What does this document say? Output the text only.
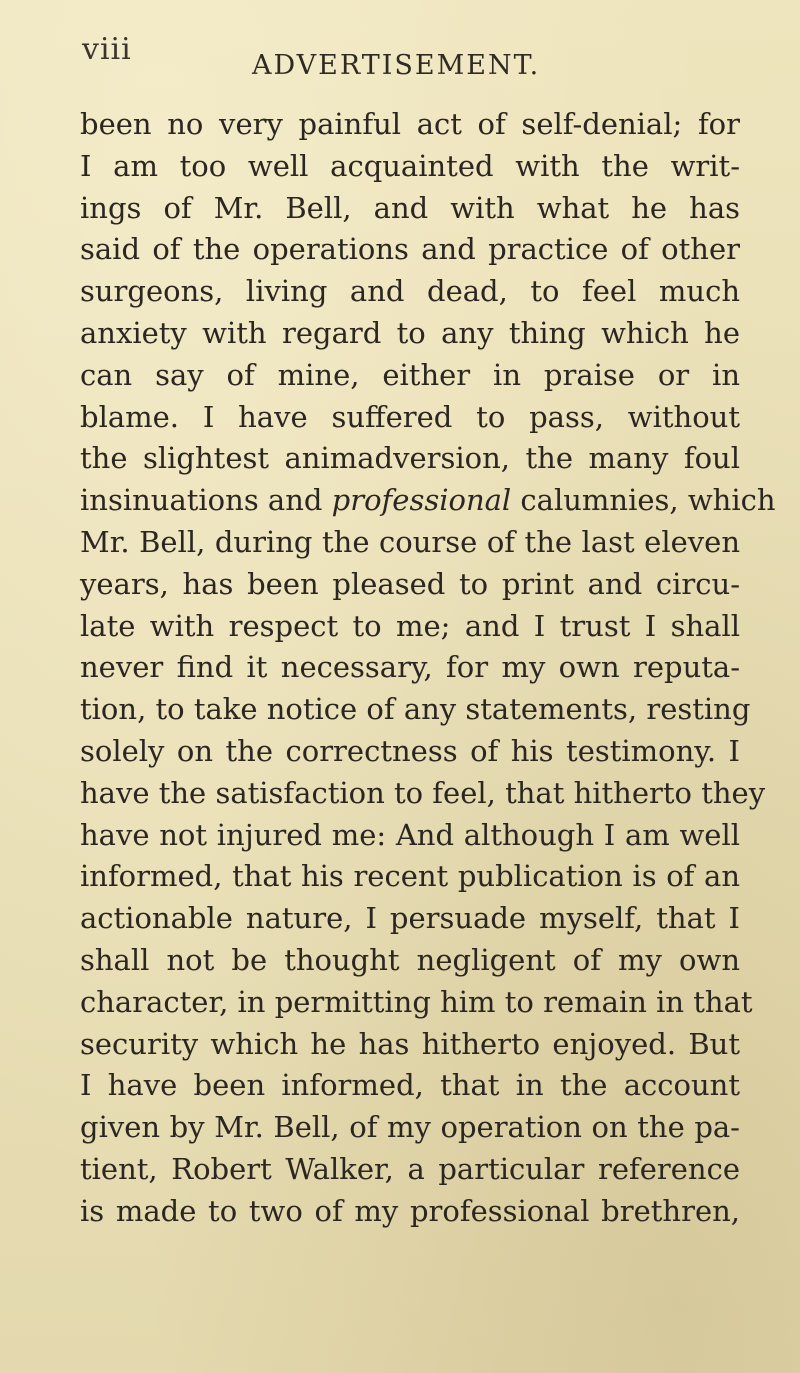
viii	ADVERTISEMENT.
been no very painful act of self-denial; for
I am too well acquainted with the writ-
ings of Mr. Bell, and with what he has
said of the operations and practice of other
surgeons, living and dead, to feel much
anxiety with regard to any thing which he
can say of mine, either in praise or in
blame. I have suffered to pass, without
the slightest animadversion, the many foul
insinuations and professional calumnies, which
Mr. Bell, during the course of the last eleven
years, has been pleased to print and circu-
late with respect to me; and I trust I shall
never find it necessary, for my own reputa-
tion, to take notice of any statements, resting
solely on the correctness of his testimony. I
have the satisfaction to feel, that hitherto they
have not injured me: And although I am well
informed, that his recent publication is of an
actionable nature, I persuade myself, that I
shall not be thought negligent of my own
character, in permitting him to remain in that
security which he has hitherto enjoyed. But
I have been informed, that in the account
given by Mr. Bell, of my operation on the pa-
tient, Robert Walker, a particular reference
is made to two of my professional brethren,
